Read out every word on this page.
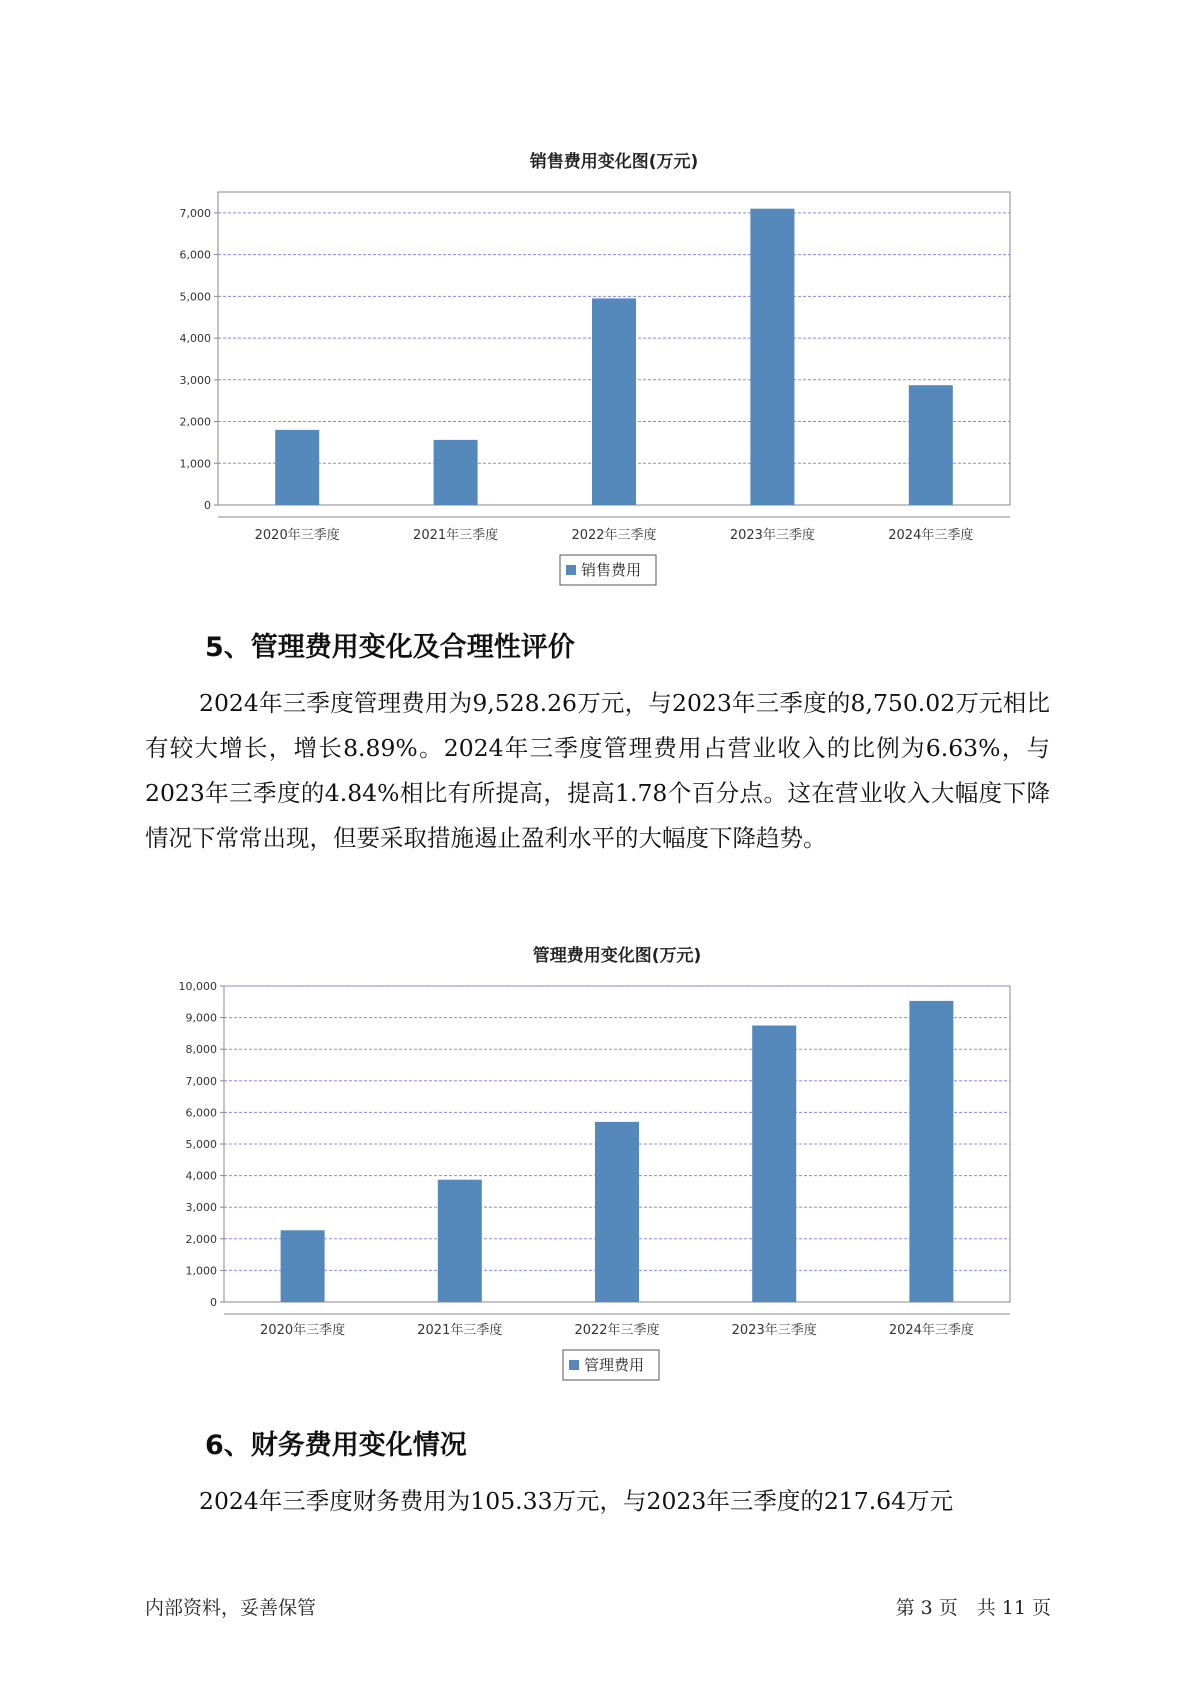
销售费用变化图(万元)
0
1,000
2,000
3,000
4,000
5,000
6,000
7,000
2020年三季度	2021年三季度	2022年三季度	2023年三季度	2024年三季度
销售费用
5、管理费用变化及合理性评价

2024年三季度管理费用为9,528.26万元，与2023年三季度的8,750.02万元相比有较大增长，增长8.89%。2024年三季度管理费用占营业收入的比例为6.63%，与2023年三季度的4.84%相比有所提高，提高1.78个百分点。这在营业收入大幅度下降情况下常常出现，但要采取措施遏止盈利水平的大幅度下降趋势。

管理费用变化图(万元)
0
1,000
2,000
3,000
4,000
5,000
6,000
7,000
8,000
9,000
10,000
2020年三季度	2021年三季度	2022年三季度	2023年三季度	2024年三季度
管理费用
6、财务费用变化情况

2024年三季度财务费用为105.33万元，与2023年三季度的217.64万元

内部资料，妥善保管	第 3 页　共 11 页
